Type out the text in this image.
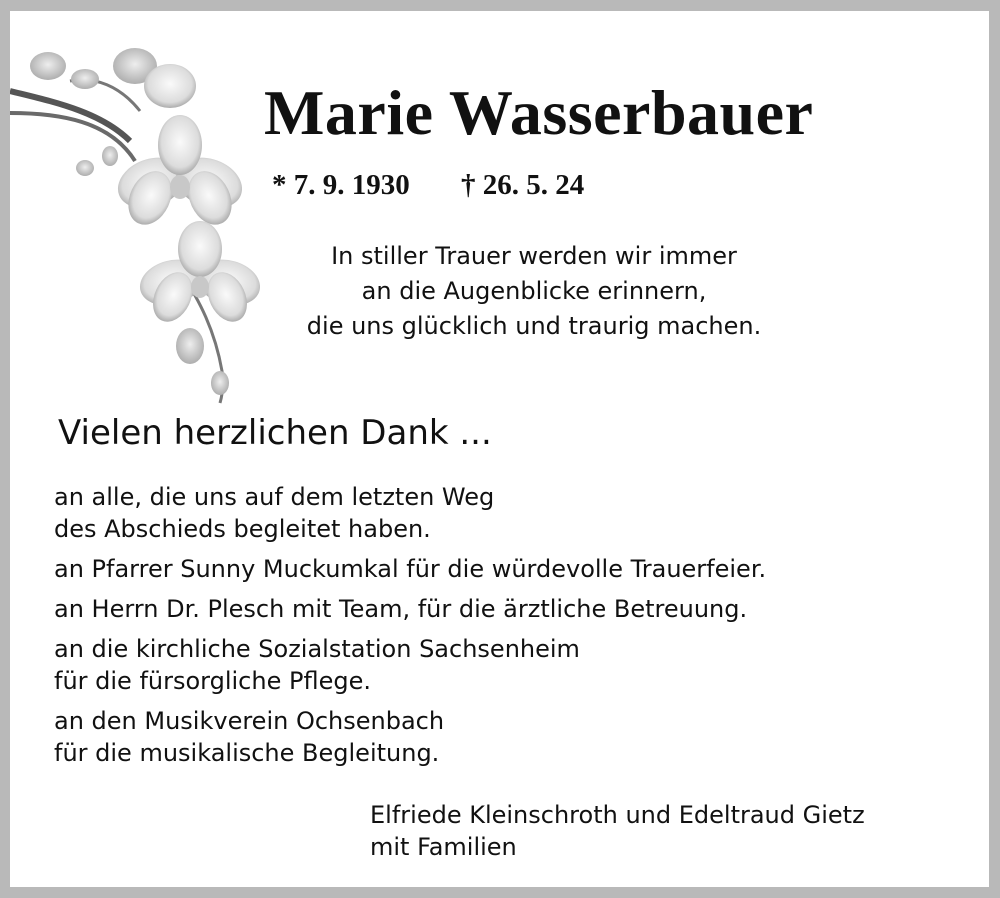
Marie Wasserbauer
* 7. 9. 1930 † 26. 5. 24
In stiller Trauer werden wir immer
an die Augenblicke erinnern,
die uns glücklich und traurig machen.
Vielen herzlichen Dank ...
an alle, die uns auf dem letzten Weg
des Abschieds begleitet haben.
an Pfarrer Sunny Muckumkal für die würdevolle Trauerfeier.
an Herrn Dr. Plesch mit Team, für die ärztliche Betreuung.
an die kirchliche Sozialstation Sachsenheim
für die fürsorgliche Pflege.
an den Musikverein Ochsenbach
für die musikalische Begleitung.
Elfriede Kleinschroth und Edeltraud Gietz
mit Familien
